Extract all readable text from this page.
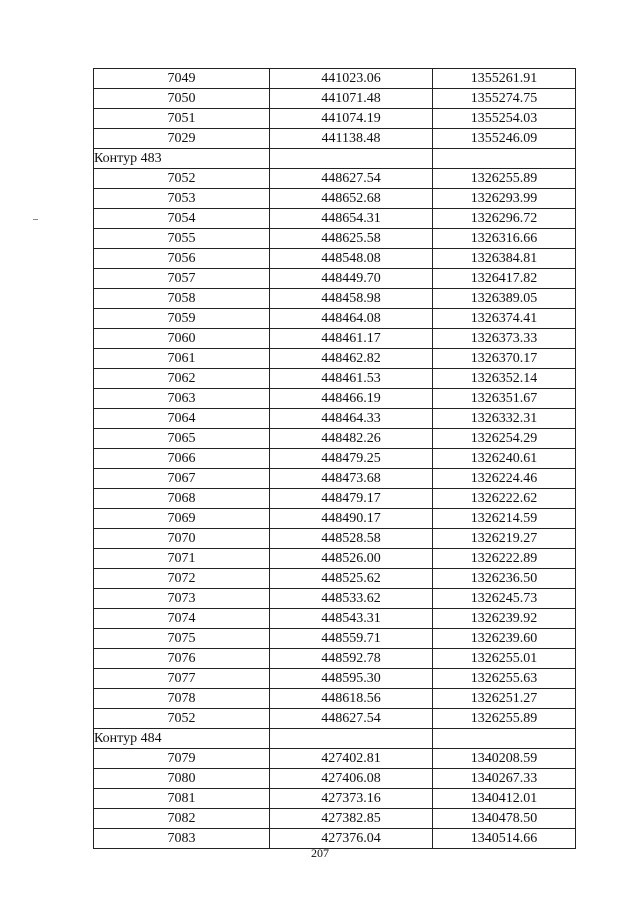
7049	441023.06	1355261.91
7050	441071.48	1355274.75
7051	441074.19	1355254.03
7029	441138.48	1355246.09
Контур 483		
7052	448627.54	1326255.89
7053	448652.68	1326293.99
7054	448654.31	1326296.72
7055	448625.58	1326316.66
7056	448548.08	1326384.81
7057	448449.70	1326417.82
7058	448458.98	1326389.05
7059	448464.08	1326374.41
7060	448461.17	1326373.33
7061	448462.82	1326370.17
7062	448461.53	1326352.14
7063	448466.19	1326351.67
7064	448464.33	1326332.31
7065	448482.26	1326254.29
7066	448479.25	1326240.61
7067	448473.68	1326224.46
7068	448479.17	1326222.62
7069	448490.17	1326214.59
7070	448528.58	1326219.27
7071	448526.00	1326222.89
7072	448525.62	1326236.50
7073	448533.62	1326245.73
7074	448543.31	1326239.92
7075	448559.71	1326239.60
7076	448592.78	1326255.01
7077	448595.30	1326255.63
7078	448618.56	1326251.27
7052	448627.54	1326255.89
Контур 484		
7079	427402.81	1340208.59
7080	427406.08	1340267.33
7081	427373.16	1340412.01
7082	427382.85	1340478.50
7083	427376.04	1340514.66
207
